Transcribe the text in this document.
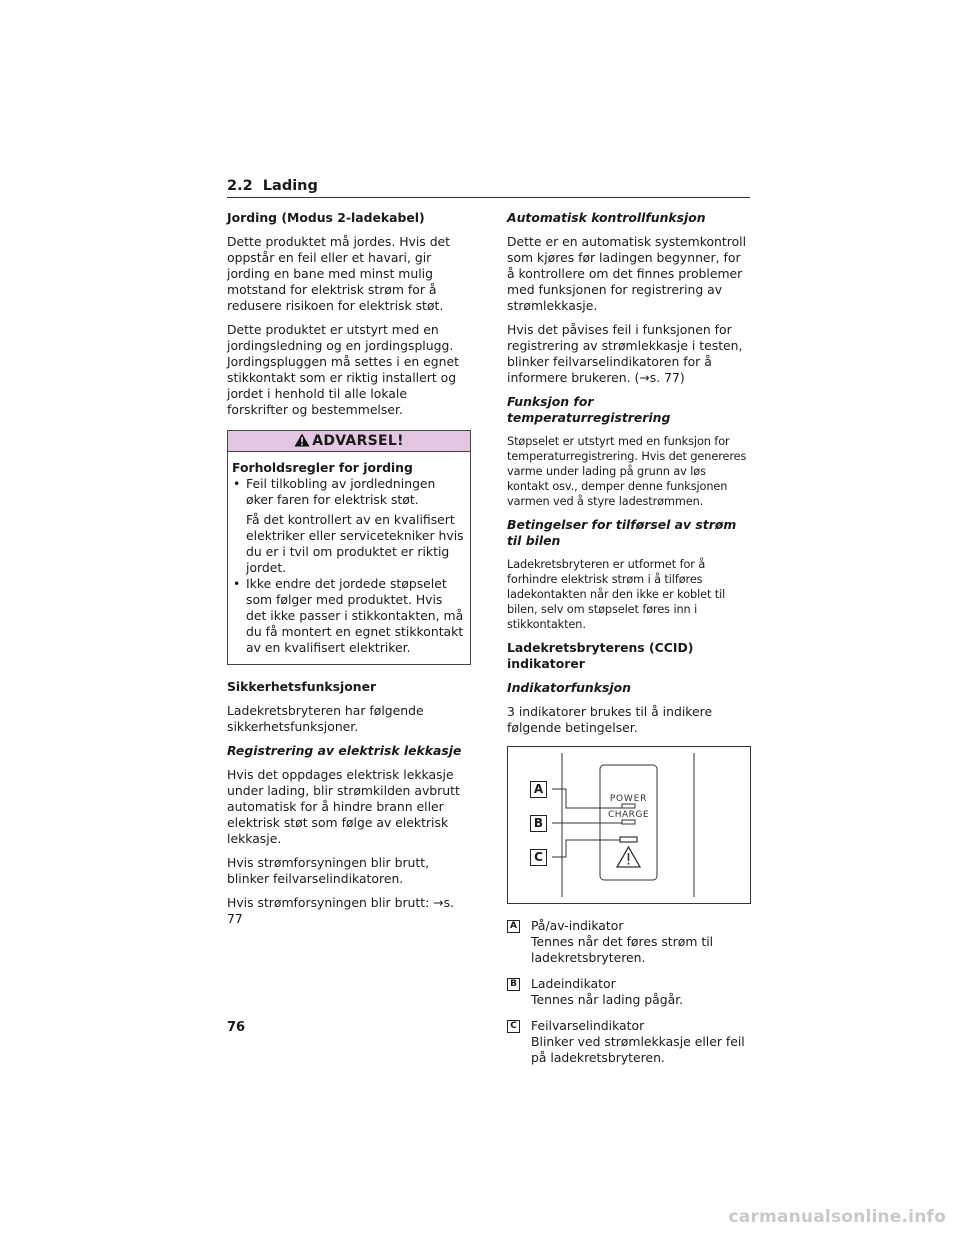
2.2 Lading
Jording (Modus 2-ladekabel)

Dette produktet må jordes. Hvis det oppstår en feil eller et havari, gir jording en bane med minst mulig motstand for elektrisk strøm for å redusere risikoen for elektrisk støt.

Dette produktet er utstyrt med en jordingsledning og en jordingsplugg. Jordingspluggen må settes i en egnet stikkontakt som er riktig installert og jordet i henhold til alle lokale forskrifter og bestemmelser.

ADVARSEL!
Forholdsregler for jording
• Feil tilkobling av jordledningen øker faren for elektrisk støt.
Få det kontrollert av en kvalifisert elektriker eller servicetekniker hvis du er i tvil om produktet er riktig jordet.
• Ikke endre det jordede støpselet som følger med produktet. Hvis det ikke passer i stikkontakten, må du få montert en egnet stikkontakt av en kvalifisert elektriker.
Sikkerhetsfunksjoner

Ladekretsbryteren har følgende sikkerhetsfunksjoner.

Registrering av elektrisk lekkasje

Hvis det oppdages elektrisk lekkasje under lading, blir strømkilden avbrutt automatisk for å hindre brann eller elektrisk støt som følge av elektrisk lekkasje.

Hvis strømforsyningen blir brutt, blinker feilvarselindikatoren.

Hvis strømforsyningen blir brutt: →s. 77

Automatisk kontrollfunksjon

Dette er en automatisk systemkontroll som kjøres før ladingen begynner, for å kontrollere om det finnes problemer med funksjonen for registrering av strømlekkasje.

Hvis det påvises feil i funksjonen for registrering av strømlekkasje i testen, blinker feilvarselindikatoren for å informere brukeren. (→s. 77)

Funksjon for temperaturregistrering

Støpselet er utstyrt med en funksjon for temperaturregistrering. Hvis det genereres varme under lading på grunn av løs kontakt osv., demper denne funksjonen varmen ved å styre ladestrømmen.

Betingelser for tilførsel av strøm til bilen

Ladekretsbryteren er utformet for å forhindre elektrisk strøm i å tilføres ladekontakten når den ikke er koblet til bilen, selv om støpselet føres inn i stikkontakten.

Ladekretsbryterens (CCID) indikatorer
Indikatorfunksjon

3 indikatorer brukes til å indikere følgende betingelser.

A
B
C
POWER
CHARGE
A På/av-indikator
Tennes når det føres strøm til ladekretsbryteren.
B Ladeindikator
Tennes når lading pågår.
C Feilvarselindikator
Blinker ved strømlekkasje eller feil på ladekretsbryteren.
76
carmanualsonline.info
